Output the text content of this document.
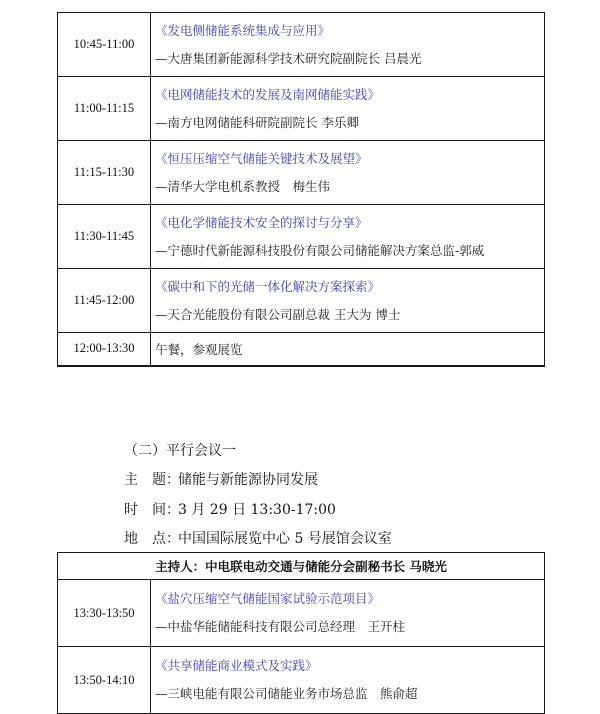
10:45-11:00	《发电侧储能系统集成与应用》
—大唐集团新能源科学技术研究院副院长 吕晨光

11:00-11:15	《电网储能技术的发展及南网储能实践》
—南方电网储能科研院副院长 李乐卿

11:15-11:30	《恒压压缩空气储能关键技术及展望》
—清华大学电机系教授　梅生伟

11:30-11:45	《电化学储能技术安全的探讨与分享》
—宁德时代新能源科技股份有限公司储能解决方案总监-郭威

11:45-12:00	《碳中和下的光储一体化解决方案探索》
—天合光能股份有限公司副总裁 王大为 博士

12:00-13:30	午餐，参观展览
（二）平行会议一
主　题：储能与新能源协同发展
时　间：3 月 29 日 13:30-17:00
地　点：中国国际展览中心 5 号展馆会议室
主持人：中电联电动交通与储能分会副秘书长 马晓光	
13:30-13:50	《盐穴压缩空气储能国家试验示范项目》
—中盐华能储能科技有限公司总经理　王开柱

13:50-14:10	《共享储能商业模式及实践》
—三峡电能有限公司储能业务市场总监　熊俞超
